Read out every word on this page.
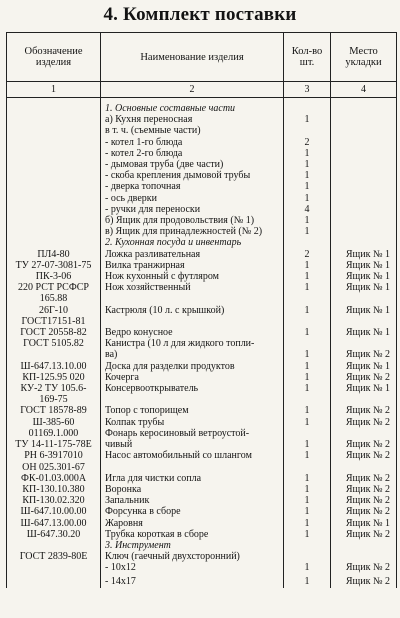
4. Комплект поставки
Обозначение изделия	Наименование изделия	Кол-во шт.	Место укладки
1	2	3	4

	1. Основные составные части		
	а) Кухня переносная	1	
	в т. ч. (съемные части)		
	- котел 1-го блюда	2	
	- котел 2-го блюда	1	
	- дымовая труба (две части)	1	
	- скоба крепления дымовой трубы	1	
	- дверка топочная	1	
	- ось дверки	1	
	- ручки для переноски	4	
	б) Ящик для продовольствия (№ 1)	1	
	в) Ящик для принадлежностей (№ 2)	1	
	2. Кухонная посуда и инвентарь		
ПЛ4-80	Ложка разливательная	2	Ящик № 1
ТУ 27-07-3081-75	Вилка транжирная	1	Ящик № 1
ПК-3-06	Нож кухонный с футляром	1	Ящик № 1
220 РСТ РСФСР	Нож хозяйственный	1	Ящик № 1
165.88			
26Г-10	Кастрюля (10 л. с крышкой)	1	Ящик № 1
ГОСТ17151-81			
ГОСТ 20558-82	Ведро конусное	1	Ящик № 1
ГОСТ 5105.82	Канистра (10 л для жидкого топли-		
	ва)	1	Ящик № 2
Ш-647.13.10.00	Доска для разделки продуктов	1	Ящик № 1
КП-125.95 020	Кочерга	1	Ящик № 2
КУ-2 ТУ 105.6-	Консервооткрыватель	1	Ящик № 1
169-75			
ГОСТ 18578-89	Топор с топорищем	1	Ящик № 2
Ш-385-60	Колпак трубы	1	Ящик № 2
01169.1.000	Фонарь керосиновый ветроустой-		
ТУ 14-11-175-78Е	чивый	1	Ящик № 2
РН 6-3917010	Насос автомобильный со шлангом	1	Ящик № 2
ОН 025.301-67			
ФК-01.03.000А	Игла для чистки сопла	1	Ящик № 2
КП-130.10.380	Воронка	1	Ящик № 2
КП-130.02.320	Запальник	1	Ящик № 2
Ш-647.10.00.00	Форсунка в сборе	1	Ящик № 2
Ш-647.13.00.00	Жаровня	1	Ящик № 1
Ш-647.30.20	Трубка короткая в сборе	1	Ящик № 2
	3. Инструмент		
ГОСТ 2839-80Е	Ключ (гаечный двухсторонний)		
	- 10х12	1	Ящик № 2
	- 14х17	1	Ящик № 2
